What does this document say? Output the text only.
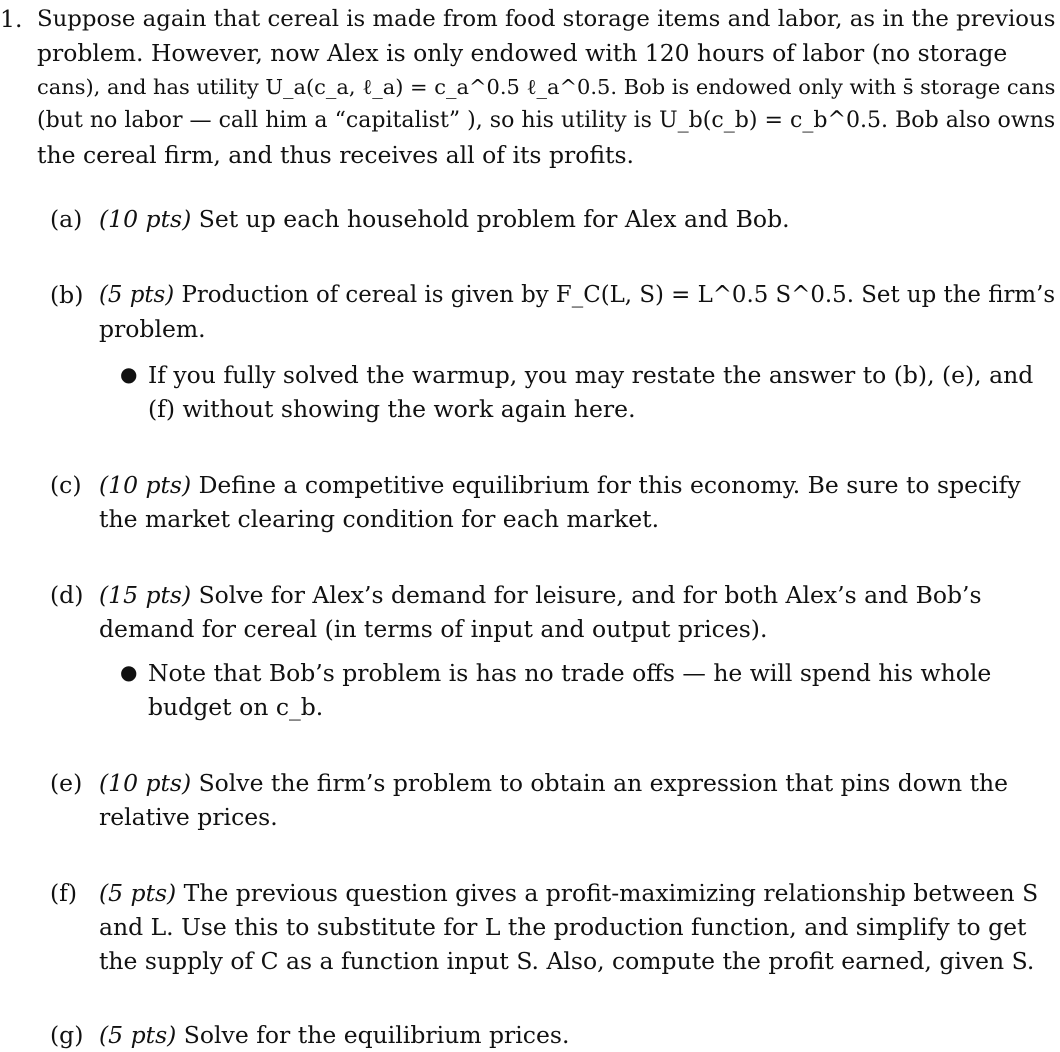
1. Suppose again that cereal is made from food storage items and labor, as in the previous
problem. However, now Alex is only endowed with 120 hours of labor (no storage
cans), and has utility U_a(c_a, ℓ_a) = c_a^0.5 ℓ_a^0.5. Bob is endowed only with s̄ storage cans
(but no labor — call him a “capitalist” ), so his utility is U_b(c_b) = c_b^0.5. Bob also owns
the cereal firm, and thus receives all of its profits.
(a) (10 pts) Set up each household problem for Alex and Bob.
(b) (5 pts) Production of cereal is given by F_C(L, S) = L^0.5 S^0.5. Set up the firm’s
problem.
● If you fully solved the warmup, you may restate the answer to (b), (e), and
(f) without showing the work again here.
(c) (10 pts) Define a competitive equilibrium for this economy. Be sure to specify
the market clearing condition for each market.
(d) (15 pts) Solve for Alex’s demand for leisure, and for both Alex’s and Bob’s
demand for cereal (in terms of input and output prices).
● Note that Bob’s problem is has no trade offs — he will spend his whole
budget on c_b.
(e) (10 pts) Solve the firm’s problem to obtain an expression that pins down the
relative prices.
(f) (5 pts) The previous question gives a profit-maximizing relationship between S
and L. Use this to substitute for L the production function, and simplify to get
the supply of C as a function input S. Also, compute the profit earned, given S.
(g) (5 pts) Solve for the equilibrium prices.
